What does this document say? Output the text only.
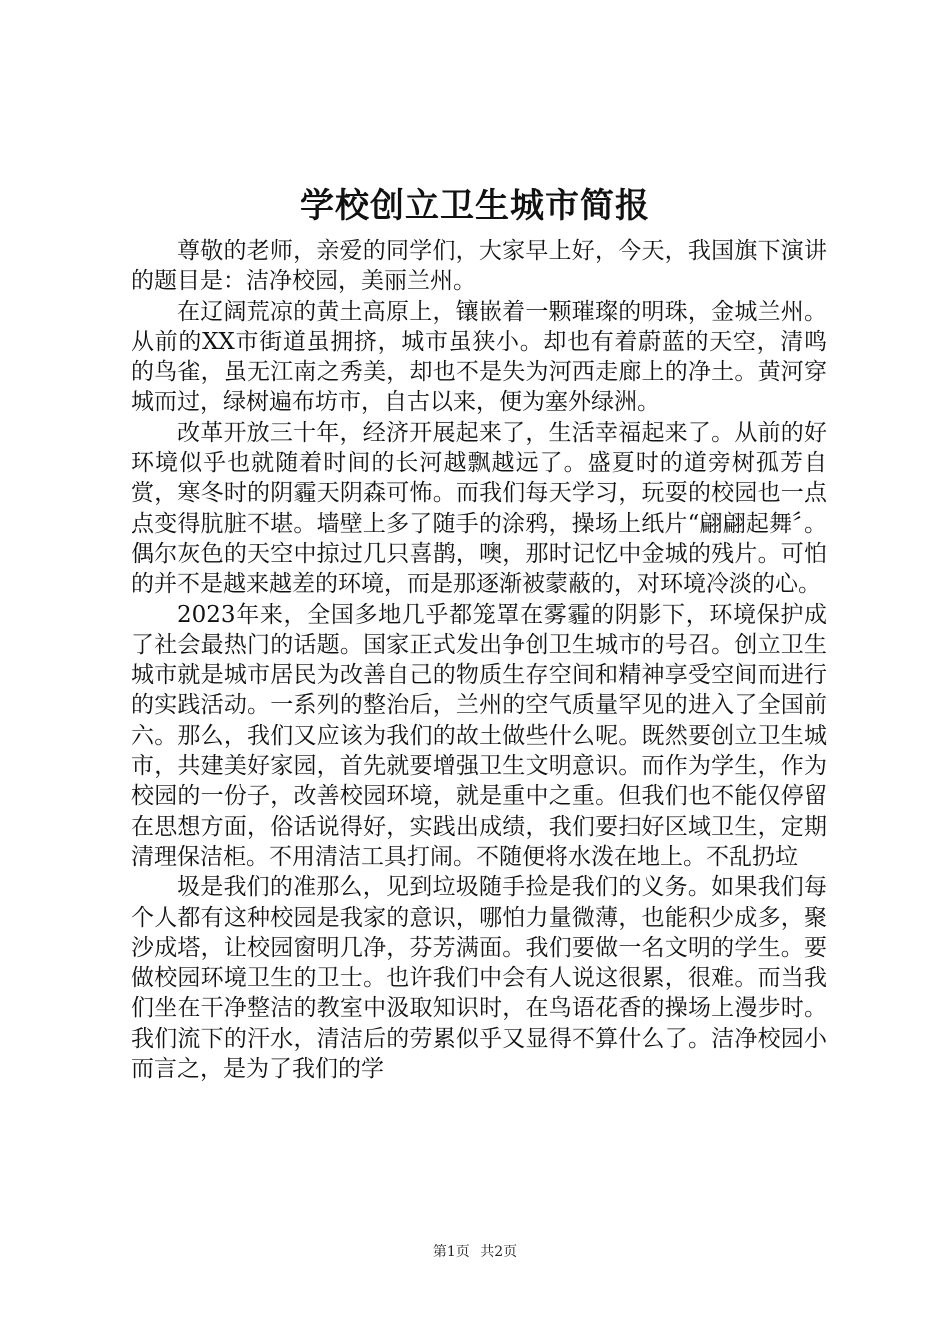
学校创立卫生城市简报

尊敬的老师，亲爱的同学们，大家早上好，今天，我国旗下演讲的题目是：洁净校园，美丽兰州。

在辽阔荒凉的黄土高原上，镶嵌着一颗璀璨的明珠，金城兰州。从前的XX市街道虽拥挤，城市虽狭小。却也有着蔚蓝的天空，清鸣的鸟雀，虽无江南之秀美，却也不是失为河西走廊上的净土。黄河穿城而过，绿树遍布坊市，自古以来，便为塞外绿洲。

改革开放三十年，经济开展起来了，生活幸福起来了。从前的好环境似乎也就随着时间的长河越飘越远了。盛夏时的道旁树孤芳自赏，寒冬时的阴霾天阴森可怖。而我们每天学习，玩耍的校园也一点点变得肮脏不堪。墙壁上多了随手的涂鸦，操场上纸片“翩翩起舞〞。偶尔灰色的天空中掠过几只喜鹊，噢，那时记忆中金城的残片。可怕的并不是越来越差的环境，而是那逐渐被蒙蔽的，对环境冷淡的心。

2023年来，全国多地几乎都笼罩在雾霾的阴影下，环境保护成了社会最热门的话题。国家正式发出争创卫生城市的号召。创立卫生城市就是城市居民为改善自己的物质生存空间和精神享受空间而进行的实践活动。一系列的整治后，兰州的空气质量罕见的进入了全国前六。那么，我们又应该为我们的故土做些什么呢。既然要创立卫生城市，共建美好家园，首先就要增强卫生文明意识。而作为学生，作为校园的一份子，改善校园环境，就是重中之重。但我们也不能仅停留在思想方面，俗话说得好，实践出成绩，我们要扫好区域卫生，定期清理保洁柜。不用清洁工具打闹。不随便将水泼在地上。不乱扔垃

圾是我们的准那么，见到垃圾随手捡是我们的义务。如果我们每个人都有这种校园是我家的意识，哪怕力量微薄，也能积少成多，聚沙成塔，让校园窗明几净，芬芳满面。我们要做一名文明的学生。要做校园环境卫生的卫士。也许我们中会有人说这很累，很难。而当我们坐在干净整洁的教室中汲取知识时，在鸟语花香的操场上漫步时。我们流下的汗水，清洁后的劳累似乎又显得不算什么了。洁净校园小而言之，是为了我们的学

第1页 共2页
